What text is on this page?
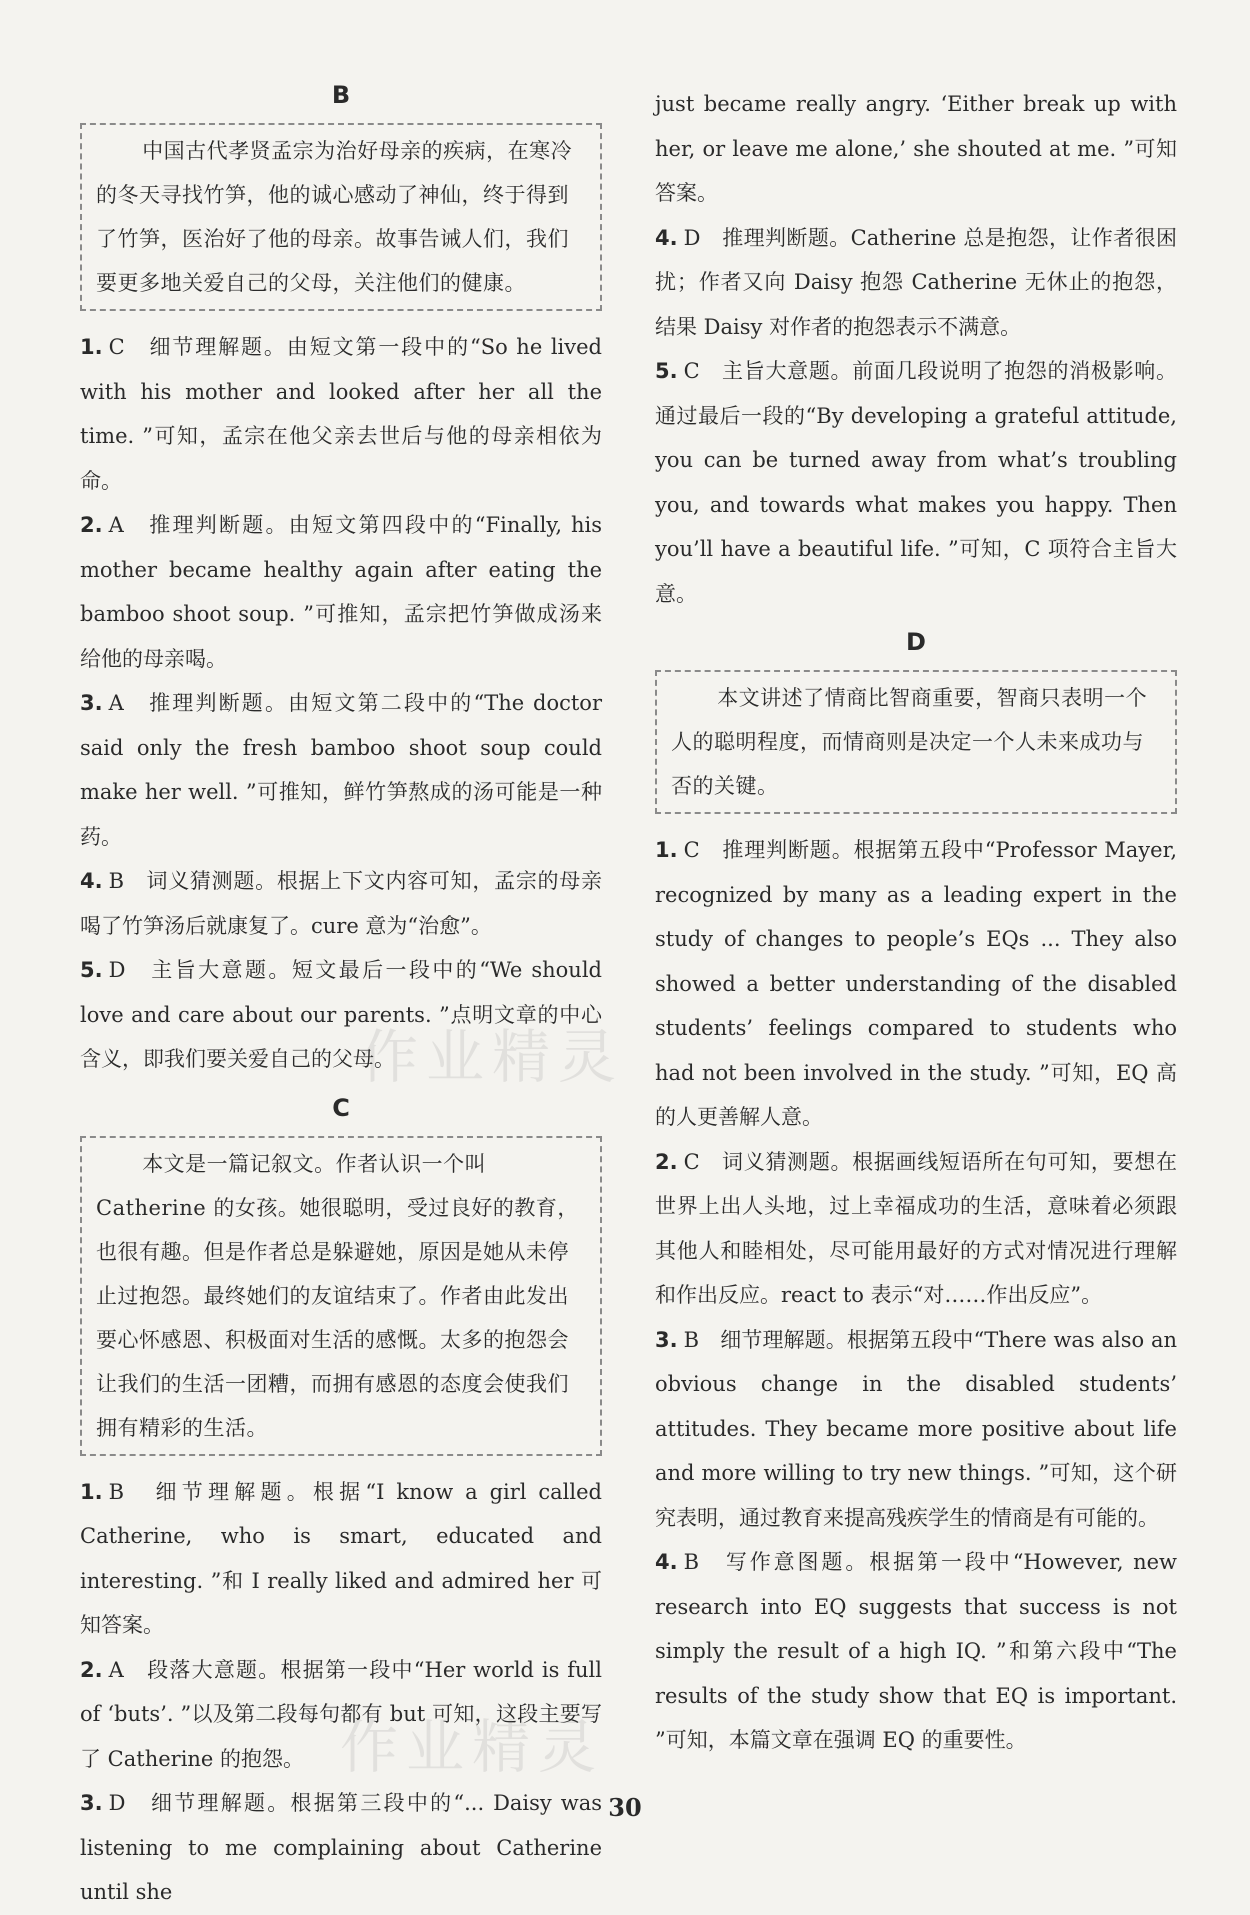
B

中国古代孝贤孟宗为治好母亲的疾病，在寒冷的冬天寻找竹笋，他的诚心感动了神仙，终于得到了竹笋，医治好了他的母亲。故事告诫人们，我们要更多地关爱自己的父母，关注他们的健康。

1. C　细节理解题。由短文第一段中的“So he lived with his mother and looked after her all the time. ”可知，孟宗在他父亲去世后与他的母亲相依为命。

2. A　推理判断题。由短文第四段中的“Finally, his mother became healthy again after eating the bamboo shoot soup. ”可推知，孟宗把竹笋做成汤来给他的母亲喝。

3. A　推理判断题。由短文第二段中的“The doctor said only the fresh bamboo shoot soup could make her well. ”可推知，鲜竹笋熬成的汤可能是一种药。

4. B　词义猜测题。根据上下文内容可知，孟宗的母亲喝了竹笋汤后就康复了。cure 意为“治愈”。

5. D　主旨大意题。短文最后一段中的“We should love and care about our parents. ”点明文章的中心含义，即我们要关爱自己的父母。

C

本文是一篇记叙文。作者认识一个叫Catherine 的女孩。她很聪明，受过良好的教育，也很有趣。但是作者总是躲避她，原因是她从未停止过抱怨。最终她们的友谊结束了。作者由此发出要心怀感恩、积极面对生活的感慨。太多的抱怨会让我们的生活一团糟，而拥有感恩的态度会使我们拥有精彩的生活。

1. B　细节理解题。根据“I know a girl called Catherine, who is smart, educated and interesting. ”和 I really liked and admired her 可知答案。

2. A　段落大意题。根据第一段中“Her world is full of ‘buts’. ”以及第二段每句都有 but 可知，这段主要写了 Catherine 的抱怨。

3. D　细节理解题。根据第三段中的“... Daisy was listening to me complaining about Catherine until she

just became really angry. ‘Either break up with her, or leave me alone,’ she shouted at me. ”可知答案。

4. D　推理判断题。Catherine 总是抱怨，让作者很困扰；作者又向 Daisy 抱怨 Catherine 无休止的抱怨，结果 Daisy 对作者的抱怨表示不满意。

5. C　主旨大意题。前面几段说明了抱怨的消极影响。通过最后一段的“By developing a grateful attitude, you can be turned away from what’s troubling you, and towards what makes you happy. Then you’ll have a beautiful life. ”可知，C 项符合主旨大意。

D

本文讲述了情商比智商重要，智商只表明一个人的聪明程度，而情商则是决定一个人未来成功与否的关键。

1. C　推理判断题。根据第五段中“Professor Mayer, recognized by many as a leading expert in the study of changes to people’s EQs ... They also showed a better understanding of the disabled students’ feelings compared to students who had not been involved in the study. ”可知，EQ 高的人更善解人意。

2. C　词义猜测题。根据画线短语所在句可知，要想在世界上出人头地，过上幸福成功的生活，意味着必须跟其他人和睦相处，尽可能用最好的方式对情况进行理解和作出反应。react to 表示“对……作出反应”。

3. B　细节理解题。根据第五段中“There was also an obvious change in the disabled students’ attitudes. They became more positive about life and more willing to try new things. ”可知，这个研究表明，通过教育来提高残疾学生的情商是有可能的。

4. B　写作意图题。根据第一段中“However, new research into EQ suggests that success is not simply the result of a high IQ. ”和第六段中“The results of the study show that EQ is important. ”可知，本篇文章在强调 EQ 的重要性。

作业精灵
作业精灵
30
